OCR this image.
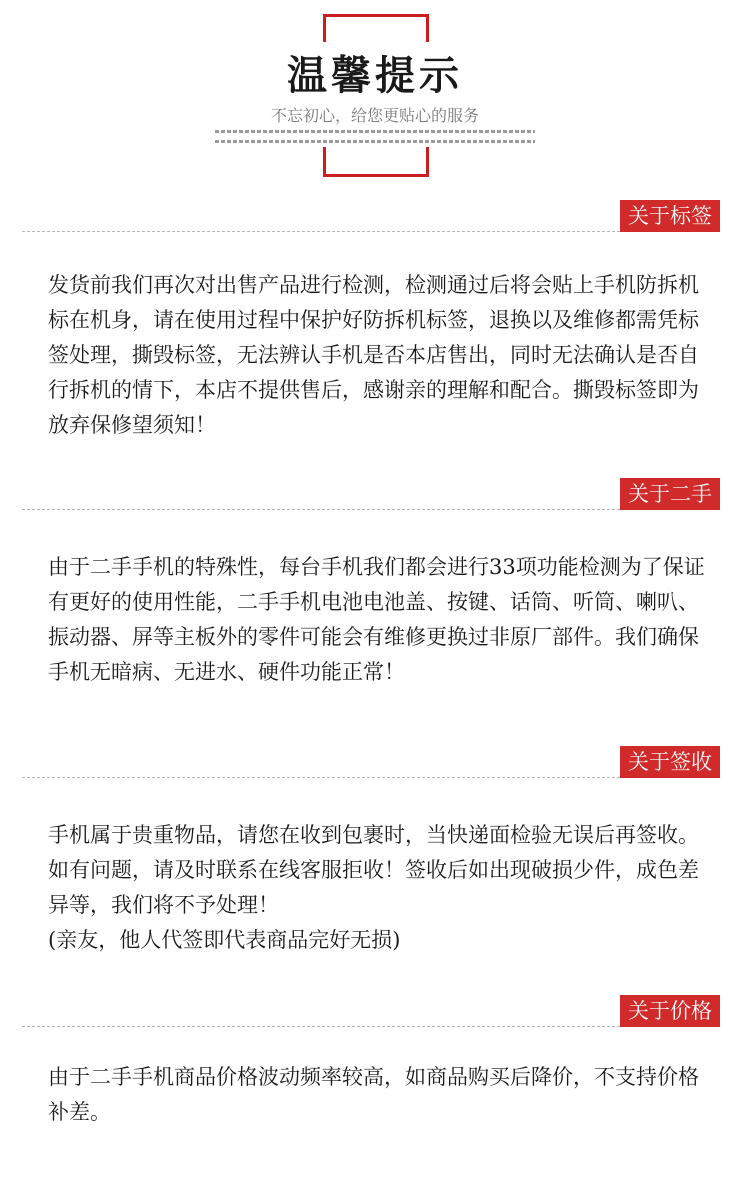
温馨提示
不忘初心，给您更贴心的服务
关于标签

发货前我们再次对出售产品进行检测，检测通过后将会贴上手机防拆机标在机身，请在使用过程中保护好防拆机标签，退换以及维修都需凭标签处理，撕毁标签，无法辨认手机是否本店售出，同时无法确认是否自行拆机的情下，本店不提供售后，感谢亲的理解和配合。撕毁标签即为放弃保修望须知！

关于二手

由于二手手机的特殊性，每台手机我们都会进行33项功能检测为了保证有更好的使用性能，二手手机电池电池盖、按键、话筒、听筒、喇叭、振动器、屏等主板外的零件可能会有维修更换过非原厂部件。我们确保手机无暗病、无进水、硬件功能正常！

关于签收

手机属于贵重物品，请您在收到包裹时，当快递面检验无误后再签收。如有问题，请及时联系在线客服拒收！签收后如出现破损少件，成色差异等，我们将不予处理！

(亲友，他人代签即代表商品完好无损)

关于价格

由于二手手机商品价格波动频率较高，如商品购买后降价，不支持价格补差。
